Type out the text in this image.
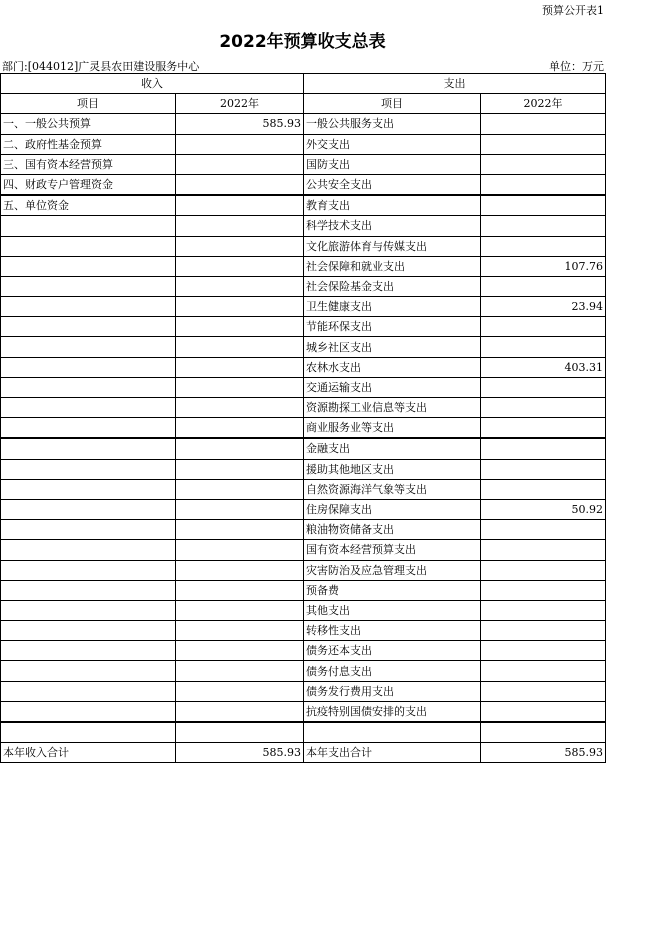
预算公开表1
2022年预算收支总表
部门:[044012]广灵县农田建设服务中心	单位：万元
收入		支出	
项目	2022年	项目	2022年
一、一般公共预算	585.93	一般公共服务支出	
二、政府性基金预算		外交支出	
三、国有资本经营预算		国防支出	
四、财政专户管理资金		公共安全支出	
五、单位资金		教育支出	
		科学技术支出	
		文化旅游体育与传媒支出	
		社会保障和就业支出	107.76
		社会保险基金支出	
		卫生健康支出	23.94
		节能环保支出	
		城乡社区支出	
		农林水支出	403.31
		交通运输支出	
		资源勘探工业信息等支出	
		商业服务业等支出	
		金融支出	
		援助其他地区支出	
		自然资源海洋气象等支出	
		住房保障支出	50.92
		粮油物资储备支出	
		国有资本经营预算支出	
		灾害防治及应急管理支出	
		预备费	
		其他支出	
		转移性支出	
		债务还本支出	
		债务付息支出	
		债务发行费用支出	
		抗疫特别国债安排的支出	

本年收入合计	585.93	本年支出合计	585.93
